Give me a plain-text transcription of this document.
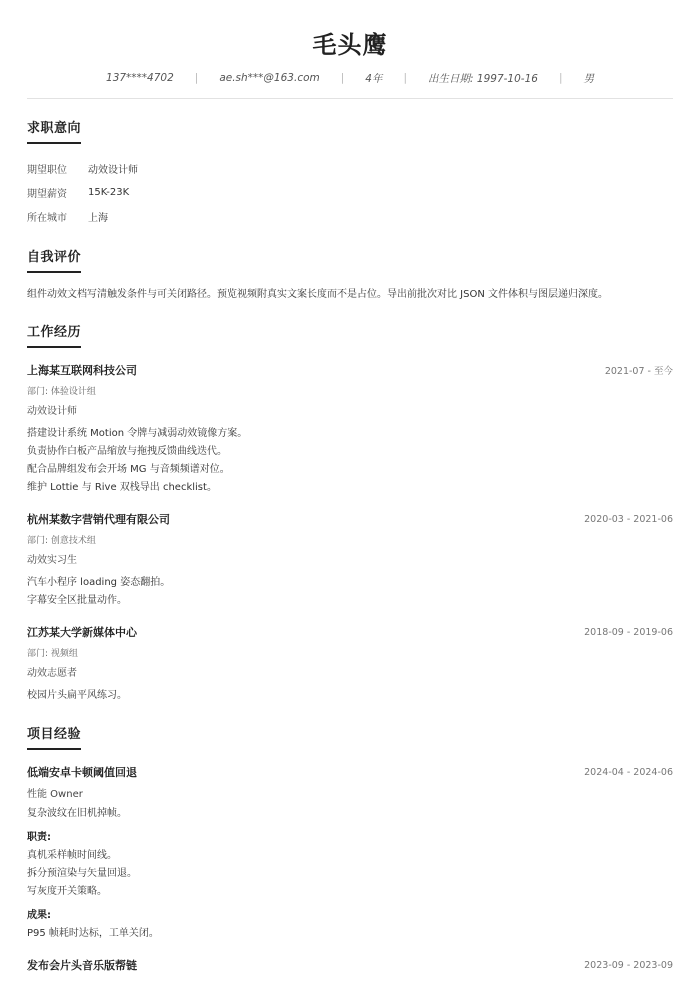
毛头鹰
137****4702 | ae.sh***@163.com | 4年 | 出生日期: 1997-10-16 | 男
求职意向
期望职位	动效设计师
期望薪资	15K-23K
所在城市	上海
自我评价
组件动效文档写清触发条件与可关闭路径。预览视频附真实文案长度而不是占位。导出前批次对比 JSON 文件体积与图层递归深度。
工作经历
上海某互联网科技公司	2021-07 - 至今
部门: 体验设计组
动效设计师
搭建设计系统 Motion 令牌与减弱动效镜像方案。
负责协作白板产品缩放与拖拽反馈曲线迭代。
配合品牌组发布会开场 MG 与音频频谱对位。
维护 Lottie 与 Rive 双栈导出 checklist。
杭州某数字营销代理有限公司	2020-03 - 2021-06
部门: 创意技术组
动效实习生
汽车小程序 loading 姿态翻拍。
字幕安全区批量动作。
江苏某大学新媒体中心	2018-09 - 2019-06
部门: 视频组
动效志愿者
校园片头扁平风练习。
项目经验
低端安卓卡顿阈值回退	2024-04 - 2024-06
性能 Owner
复杂波纹在旧机掉帧。
职责:
真机采样帧时间线。
拆分预渲染与矢量回退。
写灰度开关策略。
成果:
P95 帧耗时达标，工单关闭。
发布会片头音乐版帮链	2023-09 - 2023-09
